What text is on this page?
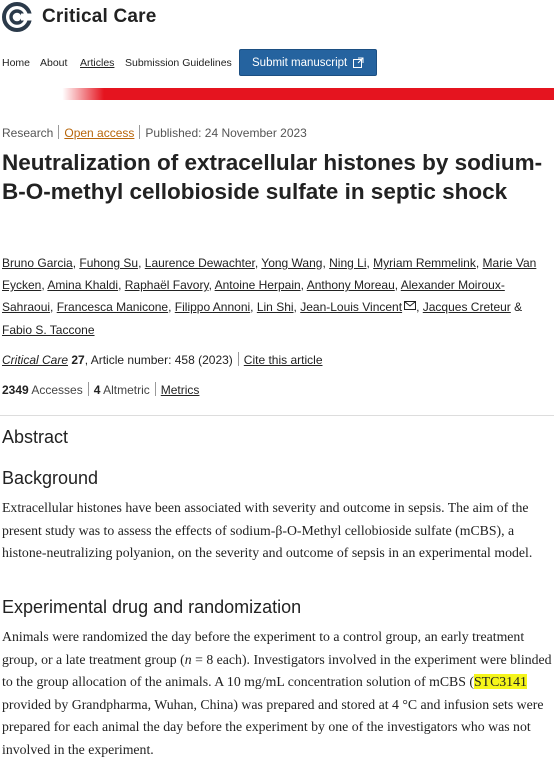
Critical Care
Home About Articles Submission Guidelines Submit manuscript
Research Open access Published: 24 November 2023
Neutralization of extracellular histones by sodium-Β-O-methyl cellobioside sulfate in septic shock
Bruno Garcia, Fuhong Su, Laurence Dewachter, Yong Wang, Ning Li, Myriam Remmelink, Marie Van Eycken, Amina Khaldi, Raphaël Favory, Antoine Herpain, Anthony Moreau, Alexander Moiroux-Sahraoui, Francesca Manicone, Filippo Annoni, Lin Shi, Jean-Louis Vincent , Jacques Creteur & Fabio S. Taccone
Critical Care 27, Article number: 458 (2023) Cite this article
2349 Accesses 4 Altmetric Metrics
Abstract
Background

Extracellular histones have been associated with severity and outcome in sepsis. The aim of the present study was to assess the effects of sodium-β-O-Methyl cellobioside sulfate (mCBS), a histone-neutralizing polyanion, on the severity and outcome of sepsis in an experimental model.

Experimental drug and randomization

Animals were randomized the day before the experiment to a control group, an early treatment group, or a late treatment group (n = 8 each). Investigators involved in the experiment were blinded to the group allocation of the animals. A 10 mg/mL concentration solution of mCBS (STC3141 provided by Grandpharma, Wuhan, China) was prepared and stored at 4 °C and infusion sets were prepared for each animal the day before the experiment by one of the investigators who was not involved in the experiment.
